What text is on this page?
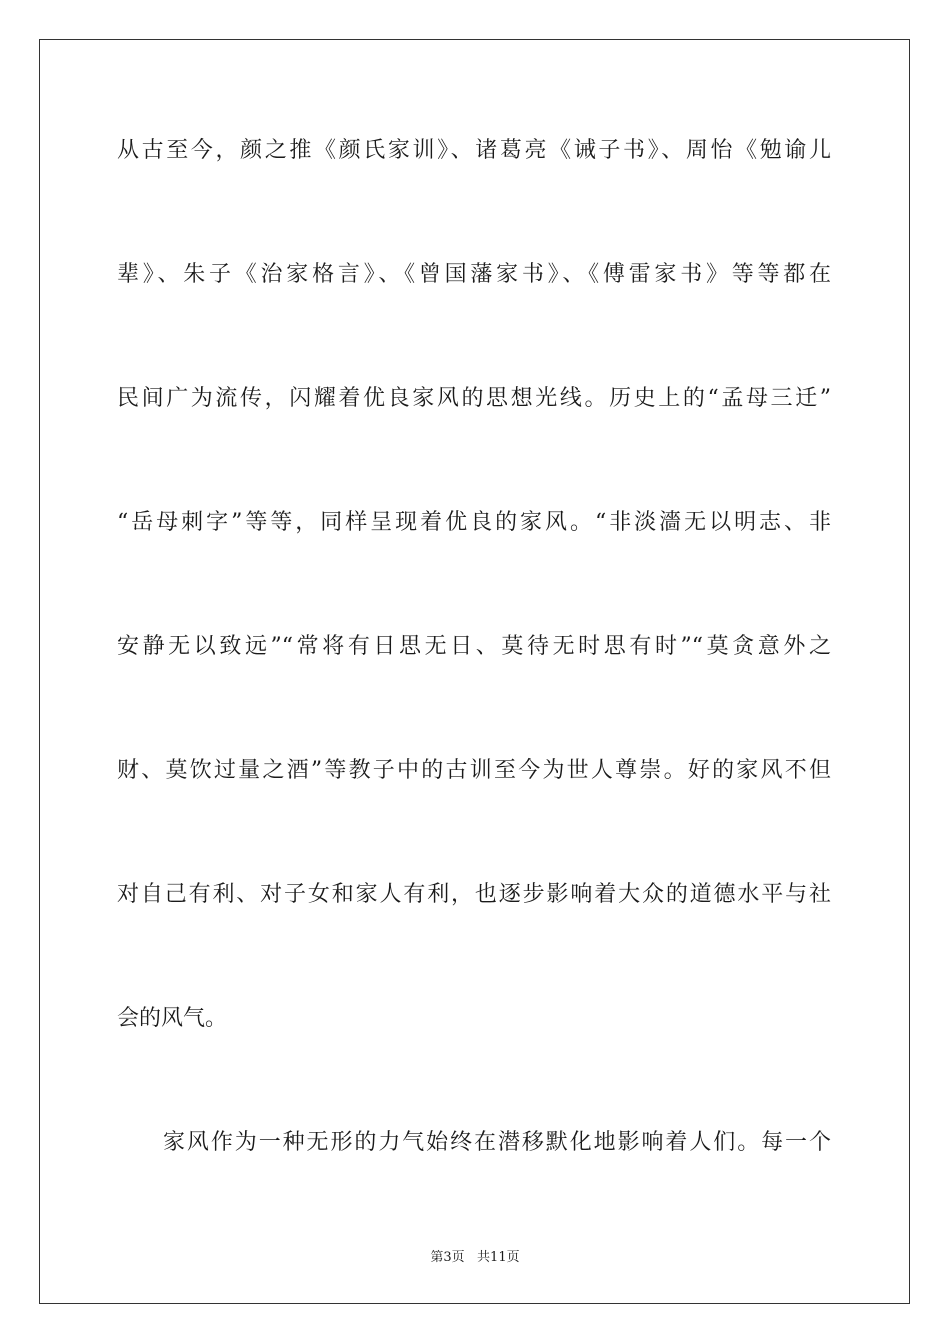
从古至今，颜之推《颜氏家训》、诸葛亮《诫子书》、周怡《勉谕儿
辈》、朱子《治家格言》、《曾国藩家书》、《傅雷家书》等等都在
民间广为流传，闪耀着优良家风的思想光线。历史上的“孟母三迁”
“岳母刺字”等等，同样呈现着优良的家风。“非淡濇无以明志、非
安静无以致远”“常将有日思无日、莫待无时思有时”“莫贪意外之
财、莫饮过量之酒”等教子中的古训至今为世人尊崇。好的家风不但
对自己有利、对子女和家人有利，也逐步影响着大众的道德水平与社
会的风气。
家风作为一种无形的力气始终在潜移默化地影响着人们。每一个
第3页   共11页
